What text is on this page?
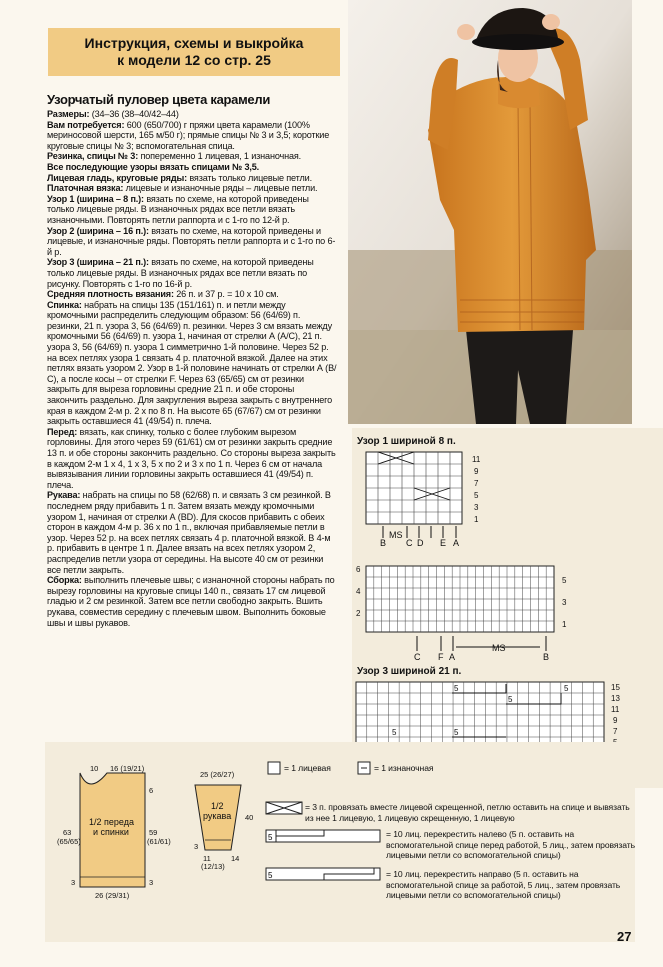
Инструкция, схемы и выкройка
к модели 12 со стр. 25
Узорчатый пуловер цвета карамели

Размеры: (34–36 (38–40/42–44)

Вам потребуется: 600 (650/700) г пряжи цвета карамели (100% мериносовой шерсти, 165 м/50 г); прямые спицы № 3 и 3,5; короткие круговые спицы № 3; вспомогательная спица.

Резинка, спицы № 3: попеременно 1 лицевая, 1 изнаночная.

Все последующие узоры вязать спицами № 3,5.

Лицевая гладь, круговые ряды: вязать только лицевые петли.

Платочная вязка: лицевые и изнаночные ряды – лицевые петли.

Узор 1 (ширина – 8 п.): вязать по схеме, на которой приведены только лицевые ряды. В изнаночных рядах все петли вязать изнаночными. Повторять петли раппорта и с 1-го по 12-й р.

Узор 2 (ширина – 16 п.): вязать по схеме, на которой приведены и лицевые, и изнаночные ряды. Повторять петли раппорта и с 1-го по 6-й р.

Узор 3 (ширина – 21 п.): вязать по схеме, на которой приведены только лицевые ряды. В изнаночных рядах все петли вязать по рисунку. Повторять с 1-го по 16-й р.

Средняя плотность вязания: 26 п. и 37 р. = 10 х 10 см.

Спинка: набрать на спицы 135 (151/161) п. и петли между кромочными распределить следующим образом: 56 (64/69) п. резинки, 21 п. узора 3, 56 (64/69) п. резинки. Через 3 см вязать между кромочными 56 (64/69) п. узора 1, начиная от стрелки А (А/С), 21 п. узора 3, 56 (64/69) п. узора 1 симметрично 1-й половине. Через 52 р. на всех петлях узора 1 связать 4 р. платочной вязкой. Далее на этих петлях вязать узором 2. Узор в 1-й половине начинать от стрелки А (В/С), а после косы – от стрелки F. Через 63 (65/65) см от резинки закрыть для выреза горловины средние 21 п. и обе стороны закончить раздельно. Для закругления выреза закрыть с внутреннего края в каждом 2-м р. 2 х по 8 п. На высоте 65 (67/67) см от резинки закрыть оставшиеся 41 (49/54) п. плеча.

Перед: вязать, как спинку, только с более глубоким вырезом горловины. Для этого через 59 (61/61) см от резинки закрыть средние 13 п. и обе стороны закончить раздельно. Со стороны выреза закрыть в каждом 2-м 1 х 4, 1 х 3, 5 х по 2 и 3 х по 1 п. Через 6 см от начала вывязывания линии горловины закрыть оставшиеся 41 (49/54) п. плеча.

Рукава: набрать на спицы по 58 (62/68) п. и связать 3 см резинкой. В последнем ряду прибавить 1 п. Затем вязать между кромочными узором 1, начиная от стрелки А (BD). Для скосов прибавить с обеих сторон в каждом 4-м р. 36 х по 1 п., включая прибавляемые петли в узор. Через 52 р. на всех петлях связать 4 р. платочной вязкой. В 4-м р. прибавить в центре 1 п. Далее вязать на всех петлях узором 2, распределив петли узора от середины. На высоте 40 см от резинки все петли закрыть.

Сборка: выполнить плечевые швы; с изнаночной стороны набрать по вырезу горловины на круговые спицы 140 п., связать 17 см лицевой гладью и 2 см резинкой. Затем все петли свободно закрыть. Вшить рукава, совместив середину с плечевым швом. Выполнить боковые швы и швы рукавов.

Узор 1 шириной 8 п.
11
9
7
5
3
1
B
MS
C D E A
6
4
2
5
3
1
C F A
MS
B
Узор 3 шириной 21 п.
5	5
5
5	5
15
13
11
9
7
10 16 (19/21)
6
63
(65/65)
59
(61/61)
3	3
26 (29/31)
1/2 переда
и спинки
25 (26/27)
40
11
(12/13)
14
3
1/2
рукава
= 1 лицевая	= 1 изнаночная
= 3 п. провязать вместе лицевой скрещенной, петлю оставить на спице и вывязать из нее 1 лицевую, 1 лицевую скрещенную, 1 лицевую
5	= 10 лиц. перекрестить налево (5 п. оставить на вспомогательной спице перед работой, 5 лиц., затем провязать лицевыми петли со вспомогательной спицы)
5	= 10 лиц. перекрестить направо (5 п. оставить на вспомогательной спице за работой, 5 лиц., затем провязать лицевыми петли со вспомогательной спицы)
27
